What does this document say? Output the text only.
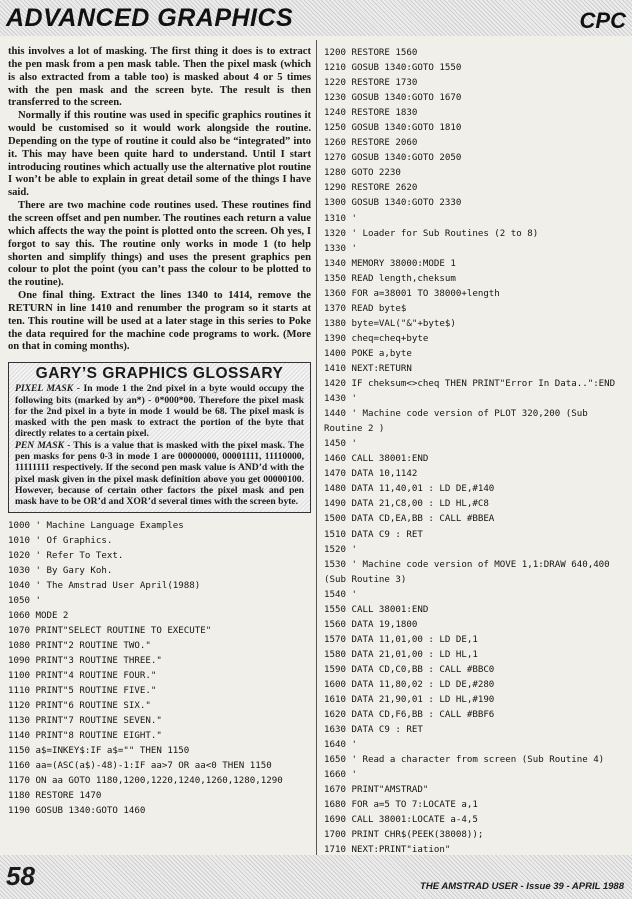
ADVANCED GRAPHICS	CPC

this involves a lot of masking. The first thing it does is to extract the pen mask from a pen mask table. Then the pixel mask (which is also extracted from a table too) is masked about 4 or 5 times with the pen mask and the screen byte. The result is then transferred to the screen.

Normally if this routine was used in specific graphics routines it would be customised so it would work alongside the routine. Depending on the type of routine it could also be “integrated” into it. This may have been quite hard to understand. Until I start introducing routines which actually use the alternative plot routine I won’t be able to explain in great detail some of the things I have said.

There are two machine code routines used. These routines find the screen offset and pen number. The routines each return a value which affects the way the point is plotted onto the screen. Oh yes, I forgot to say this. The routine only works in mode 1 (to help shorten and simplify things) and uses the present graphics pen colour to plot the point (you can’t pass the colour to be plotted to the routine).

One final thing. Extract the lines 1340 to 1414, remove the RETURN in line 1410 and renumber the program so it starts at ten. This routine will be used at a later stage in this series to Poke the data required for the machine code programs to work. (More on that in coming months).

GARY’S GRAPHICS GLOSSARY

PIXEL MASK - In mode 1 the 2nd pixel in a byte would occupy the following bits (marked by an*) - 0*000*00. Therefore the pixel mask for the 2nd pixel in a byte in mode 1 would be 68. The pixel mask is masked with the pen mask to extract the portion of the byte that directly relates to a certain pixel.

PEN MASK - This is a value that is masked with the pixel mask. The pen masks for pens 0-3 in mode 1 are 00000000, 00001111, 11110000, 11111111 respectively. If the second pen mask value is AND’d with the pixel mask given in the pixel mask definition above you get 00000100. However, because of certain other factors the pixel mask and pen mask have to be OR’d and XOR’d several times with the screen byte.

1000 ' Machine Language Examples
1010 ' Of Graphics.
1020 ' Refer To Text.
1030 ' By Gary Koh.
1040 ' The Amstrad User April(1988)
1050 '
1060 MODE 2
1070 PRINT"SELECT ROUTINE TO EXECUTE"
1080 PRINT"2 ROUTINE TWO."
1090 PRINT"3 ROUTINE THREE."
1100 PRINT"4 ROUTINE FOUR."
1110 PRINT"5 ROUTINE FIVE."
1120 PRINT"6 ROUTINE SIX."
1130 PRINT"7 ROUTINE SEVEN."
1140 PRINT"8 ROUTINE EIGHT."
1150 a$=INKEY$:IF a$="" THEN 1150
1160 aa=(ASC(a$)-48)-1:IF aa>7 OR aa<0 THEN 1150
1170 ON aa GOTO 1180,1200,1220,1240,1260,1280,1290
1180 RESTORE 1470
1190 GOSUB 1340:GOTO 1460
1200 RESTORE 1560
1210 GOSUB 1340:GOTO 1550
1220 RESTORE 1730
1230 GOSUB 1340:GOTO 1670
1240 RESTORE 1830
1250 GOSUB 1340:GOTO 1810
1260 RESTORE 2060
1270 GOSUB 1340:GOTO 2050
1280 GOTO 2230
1290 RESTORE 2620
1300 GOSUB 1340:GOTO 2330
1310 '
1320 ' Loader for Sub Routines (2 to 8)
1330 '
1340 MEMORY 38000:MODE 1
1350 READ length,cheksum
1360 FOR a=38001 TO 38000+length
1370 READ byte$
1380 byte=VAL("&"+byte$)
1390 cheq=cheq+byte
1400 POKE a,byte
1410 NEXT:RETURN
1420 IF cheksum<>cheq THEN PRINT"Error In Data..":END
1430 '
1440 ' Machine code version of PLOT 320,200 (Sub Routine 2 )
1450 '
1460 CALL 38001:END
1470 DATA 10,1142
1480 DATA 11,40,01 : LD DE,#140
1490 DATA 21,C8,00 : LD HL,#C8
1500 DATA CD,EA,BB : CALL #BBEA
1510 DATA C9 : RET
1520 '
1530 ' Machine code version of MOVE 1,1:DRAW 640,400 (Sub Routine 3)
1540 '
1550 CALL 38001:END
1560 DATA 19,1800
1570 DATA 11,01,00 : LD DE,1
1580 DATA 21,01,00 : LD HL,1
1590 DATA CD,C0,BB : CALL #BBC0
1600 DATA 11,80,02 : LD DE,#280
1610 DATA 21,90,01 : LD HL,#190
1620 DATA CD,F6,BB : CALL #BBF6
1630 DATA C9 : RET
1640 '
1650 ' Read a character from screen (Sub Routine 4)
1660 '
1670 PRINT"AMSTRAD"
1680 FOR a=5 TO 7:LOCATE a,1
1690 CALL 38001:LOCATE a-4,5
1700 PRINT CHR$(PEEK(38008));
1710 NEXT:PRINT"iation"
58	THE AMSTRAD USER - Issue 39 - APRIL 1988
